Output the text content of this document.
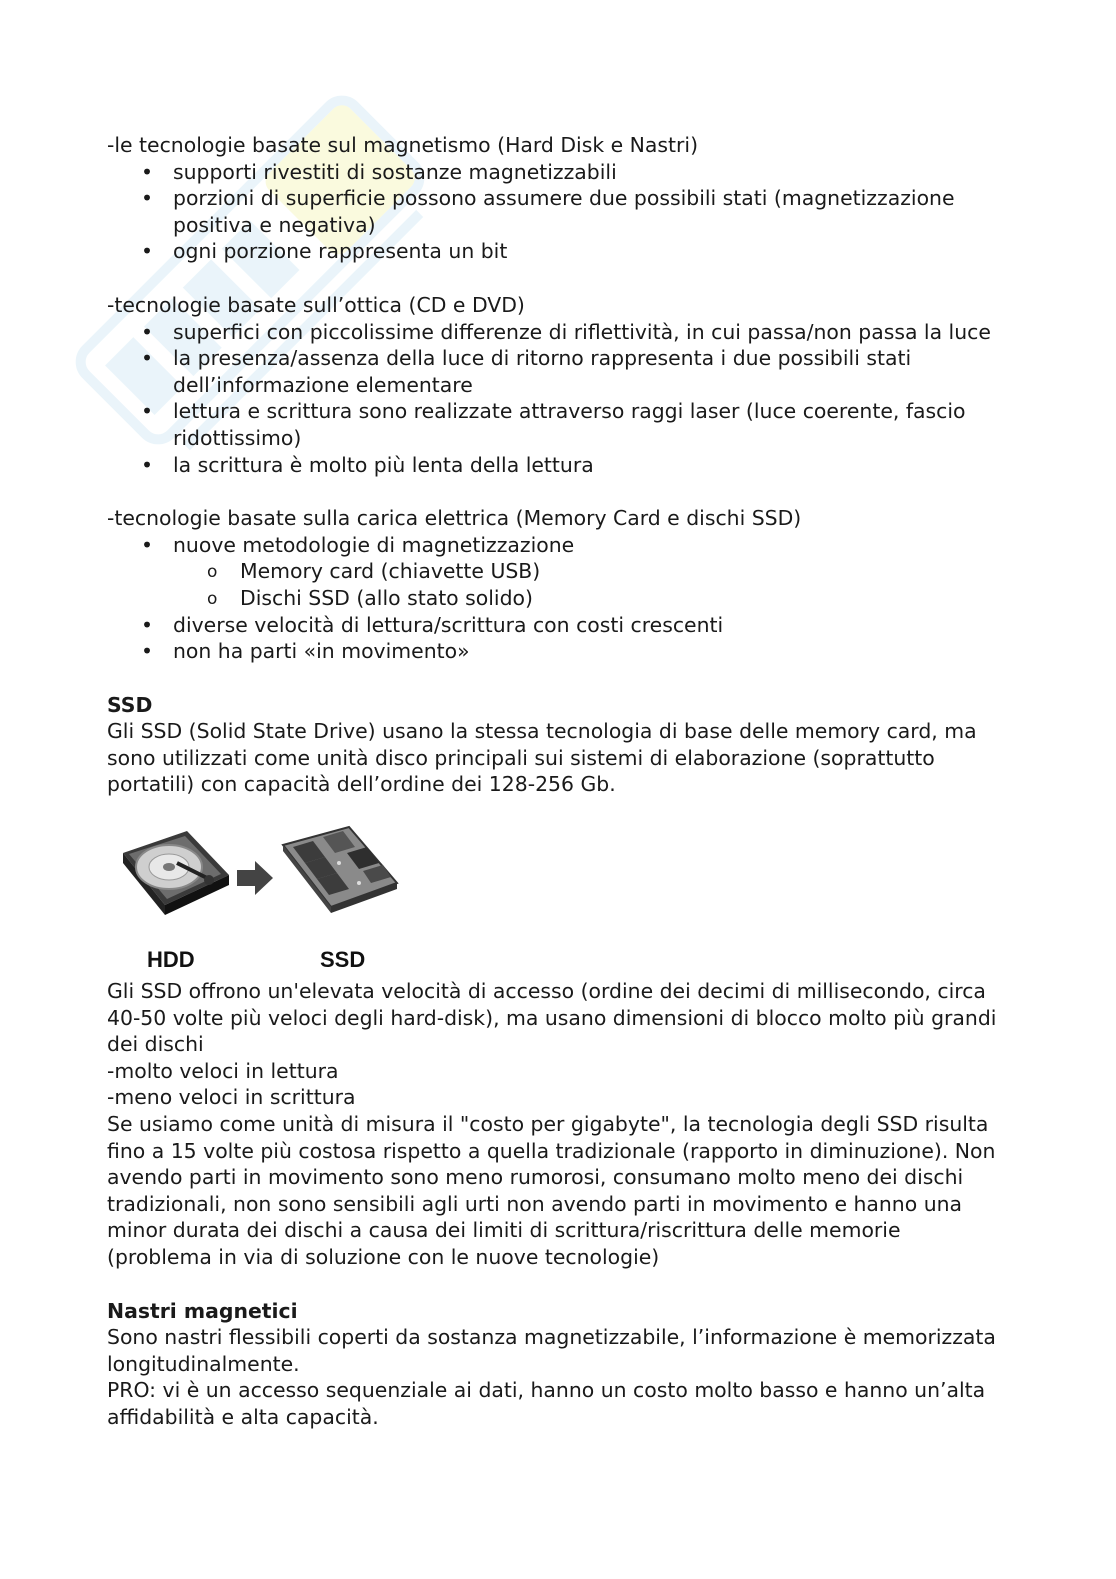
-le tecnologie basate sul magnetismo (Hard Disk e Nastri)

• supporti rivestiti di sostanze magnetizzabili
• porzioni di superficie possono assumere due possibili stati (magnetizzazione positiva e negativa)
• ogni porzione rappresenta un bit

-tecnologie basate sull’ottica (CD e DVD)

• superfici con piccolissime differenze di riflettività, in cui passa/non passa la luce
• la presenza/assenza della luce di ritorno rappresenta i due possibili stati dell’informazione elementare
• lettura e scrittura sono realizzate attraverso raggi laser (luce coerente, fascio ridottissimo)
• la scrittura è molto più lenta della lettura

-tecnologie basate sulla carica elettrica (Memory Card e dischi SSD)

• nuove metodologie di magnetizzazione
o Memory card (chiavette USB)
o Dischi SSD (allo stato solido)
• diverse velocità di lettura/scrittura con costi crescenti
• non ha parti «in movimento»

SSD

Gli SSD (Solid State Drive) usano la stessa tecnologia di base delle memory card, ma sono utilizzati come unità disco principali sui sistemi di elaborazione (soprattutto portatili) con capacità dell’ordine dei 128-256 Gb.

HDD	SSD

Gli SSD offrono un'elevata velocità di accesso (ordine dei decimi di millisecondo, circa 40-50 volte più veloci degli hard-disk), ma usano dimensioni di blocco molto più grandi dei dischi

-molto veloci in lettura

-meno veloci in scrittura

Se usiamo come unità di misura il "costo per gigabyte", la tecnologia degli SSD risulta fino a 15 volte più costosa rispetto a quella tradizionale (rapporto in diminuzione). Non avendo parti in movimento sono meno rumorosi, consumano molto meno dei dischi tradizionali, non sono sensibili agli urti non avendo parti in movimento e hanno una minor durata dei dischi a causa dei limiti di scrittura/riscrittura delle memorie (problema in via di soluzione con le nuove tecnologie)

Nastri magnetici

Sono nastri flessibili coperti da sostanza magnetizzabile, l’informazione è memorizzata longitudinalmente.

PRO: vi è un accesso sequenziale ai dati, hanno un costo molto basso e hanno un’alta affidabilità e alta capacità.
